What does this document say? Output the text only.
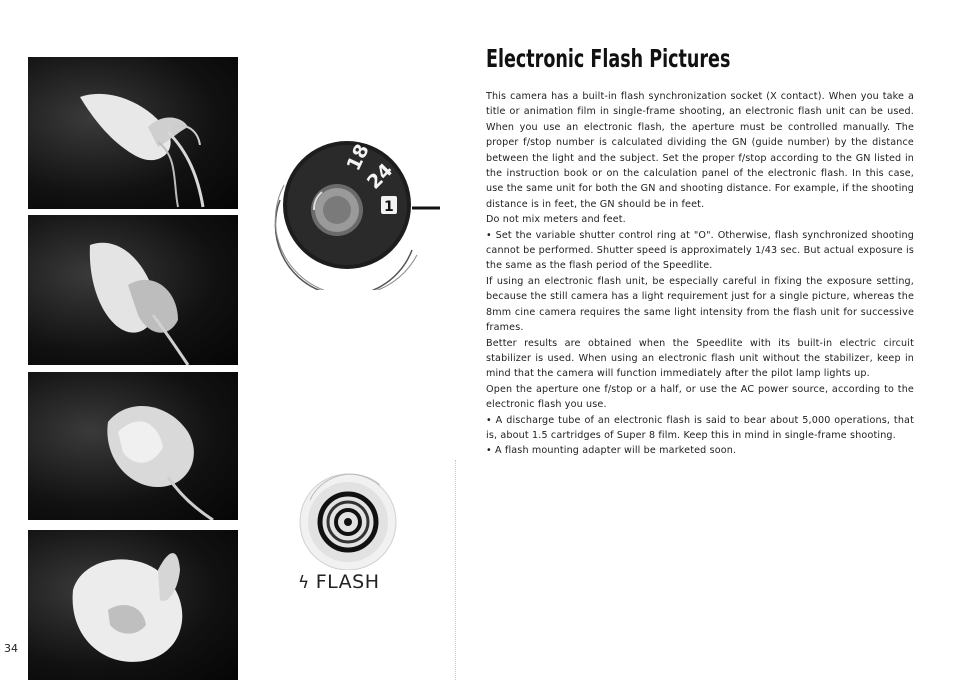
18
24
1
ϟ FLASH
34
Electronic Flash Pictures

This camera has a built-in flash synchronization socket (X contact). When you take a title or animation film in single-frame shooting, an electronic flash unit can be used. When you use an electronic flash, the aperture must be controlled manually. The proper f/stop number is calculated dividing the GN (guide number) by the distance between the light and the subject. Set the proper f/stop according to the GN listed in the instruction book or on the calculation panel of the electronic flash. In this case, use the same unit for both the GN and shooting distance. For example, if the shooting distance is in feet, the GN should be in feet.

Do not mix meters and feet.

• Set the variable shutter control ring at "O". Otherwise, flash synchronized shooting cannot be performed. Shutter speed is approximately 1/43 sec. But actual exposure is the same as the flash period of the Speedlite.

If using an electronic flash unit, be especially careful in fixing the exposure setting, because the still camera has a light requirement just for a single picture, whereas the 8mm cine camera requires the same light intensity from the flash unit for successive frames.

Better results are obtained when the Speedlite with its built-in electric circuit stabilizer is used. When using an electronic flash unit without the stabilizer, keep in mind that the camera will function immediately after the pilot lamp lights up.

Open the aperture one f/stop or a half, or use the AC power source, according to the electronic flash you use.

• A discharge tube of an electronic flash is said to bear about 5,000 operations, that is, about 1.5 cartridges of Super 8 film. Keep this in mind in single-frame shooting.

• A flash mounting adapter will be marketed soon.
